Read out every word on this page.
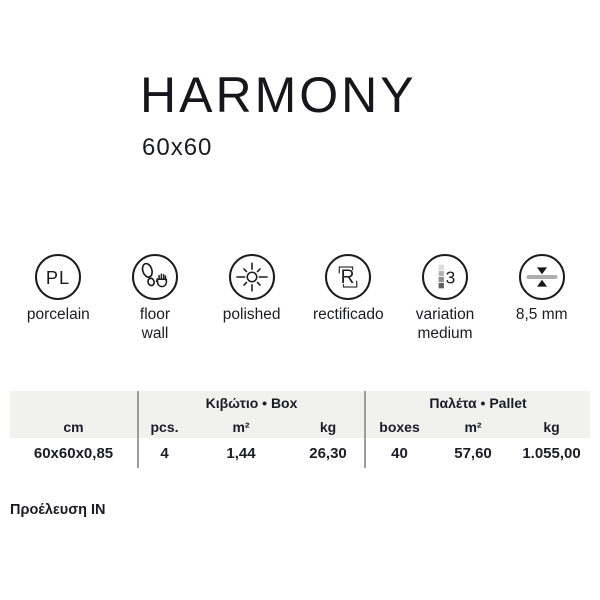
HARMONY
60x60
PL
porcelain	floor
wall
polished
R
rectificado
3
variation
medium
8,5 mm
	Κιβώτιο • Box			Παλέτα • Pallet		
cm	pcs.	m²	kg	boxes	m²	kg
60x60x0,85	4	1,44	26,30	40	57,60	1.055,00
Προέλευση IN
